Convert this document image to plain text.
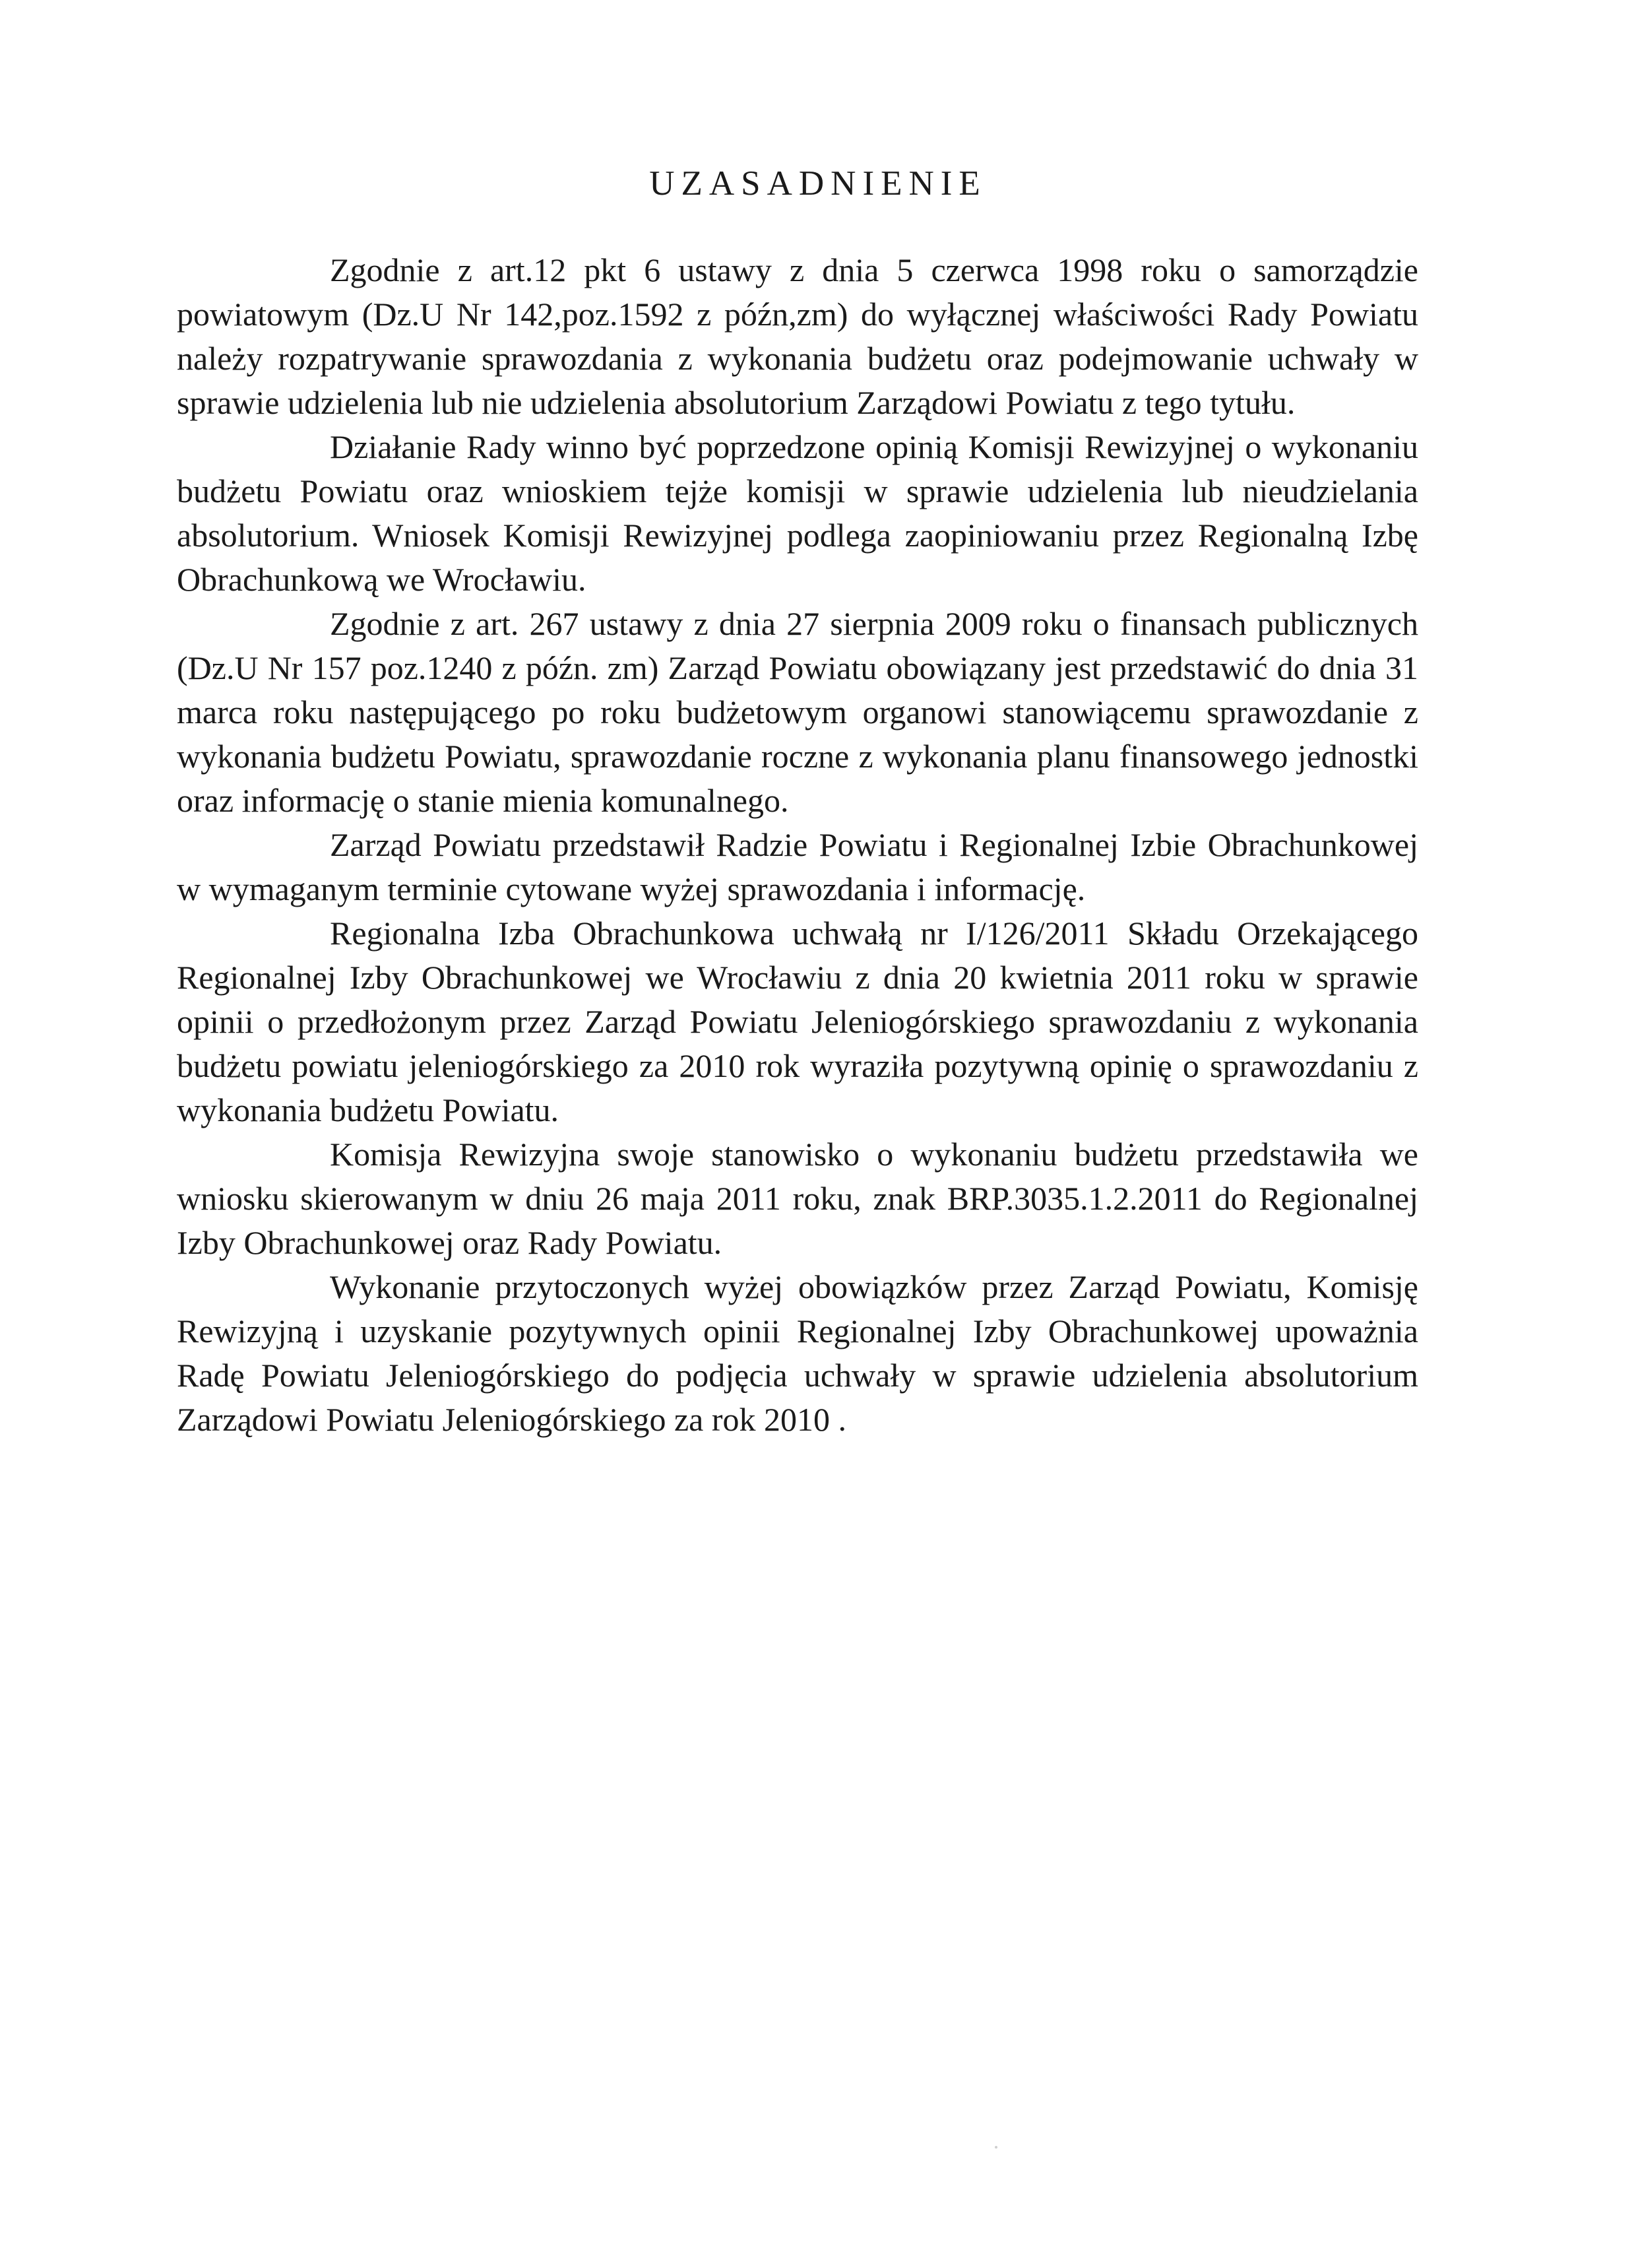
UZASADNIENIE

Zgodnie z art.12 pkt 6 ustawy z dnia 5 czerwca 1998 roku o samorządzie powiatowym (Dz.U Nr 142,poz.1592 z późn,zm) do wyłącznej właściwości Rady Powiatu należy rozpatrywanie sprawozdania z wykonania budżetu oraz podejmowanie uchwały w sprawie udzielenia lub nie udzielenia absolutorium Zarządowi Powiatu z tego tytułu.

Działanie Rady winno być poprzedzone opinią Komisji Rewizyjnej o wykonaniu budżetu Powiatu oraz wnioskiem tejże komisji w sprawie udzielenia lub nieudzielania absolutorium. Wniosek Komisji Rewizyjnej podlega zaopiniowaniu przez Regionalną Izbę Obrachunkową we Wrocławiu.

Zgodnie z art. 267 ustawy z dnia 27 sierpnia 2009 roku o finansach publicznych (Dz.U Nr 157 poz.1240 z późn. zm) Zarząd Powiatu obowiązany jest przedstawić do dnia 31 marca roku następującego po roku budżetowym organowi stanowiącemu sprawozdanie z wykonania budżetu Powiatu, sprawozdanie roczne z wykonania planu finansowego jednostki oraz informację o stanie mienia komunalnego.

Zarząd Powiatu przedstawił Radzie Powiatu i Regionalnej Izbie Obrachunkowej w wymaganym terminie cytowane wyżej sprawozdania i informację.

Regionalna Izba Obrachunkowa uchwałą nr I/126/2011 Składu Orzekającego Regionalnej Izby Obrachunkowej we Wrocławiu z dnia 20 kwietnia 2011 roku w sprawie opinii o przedłożonym przez Zarząd Powiatu Jeleniogórskiego sprawozdaniu z wykonania budżetu powiatu jeleniogórskiego za 2010 rok wyraziła pozytywną opinię o sprawozdaniu z wykonania budżetu Powiatu.

Komisja Rewizyjna swoje stanowisko o wykonaniu budżetu przedstawiła we wniosku skierowanym w dniu 26 maja 2011 roku, znak BRP.3035.1.2.2011 do Regionalnej Izby Obrachunkowej oraz Rady Powiatu.

Wykonanie przytoczonych wyżej obowiązków przez Zarząd Powiatu, Komisję Rewizyjną i uzyskanie pozytywnych opinii Regionalnej Izby Obrachunkowej upoważnia Radę Powiatu Jeleniogórskiego do podjęcia uchwały w sprawie udzielenia absolutorium Zarządowi Powiatu Jeleniogórskiego za rok 2010 .
